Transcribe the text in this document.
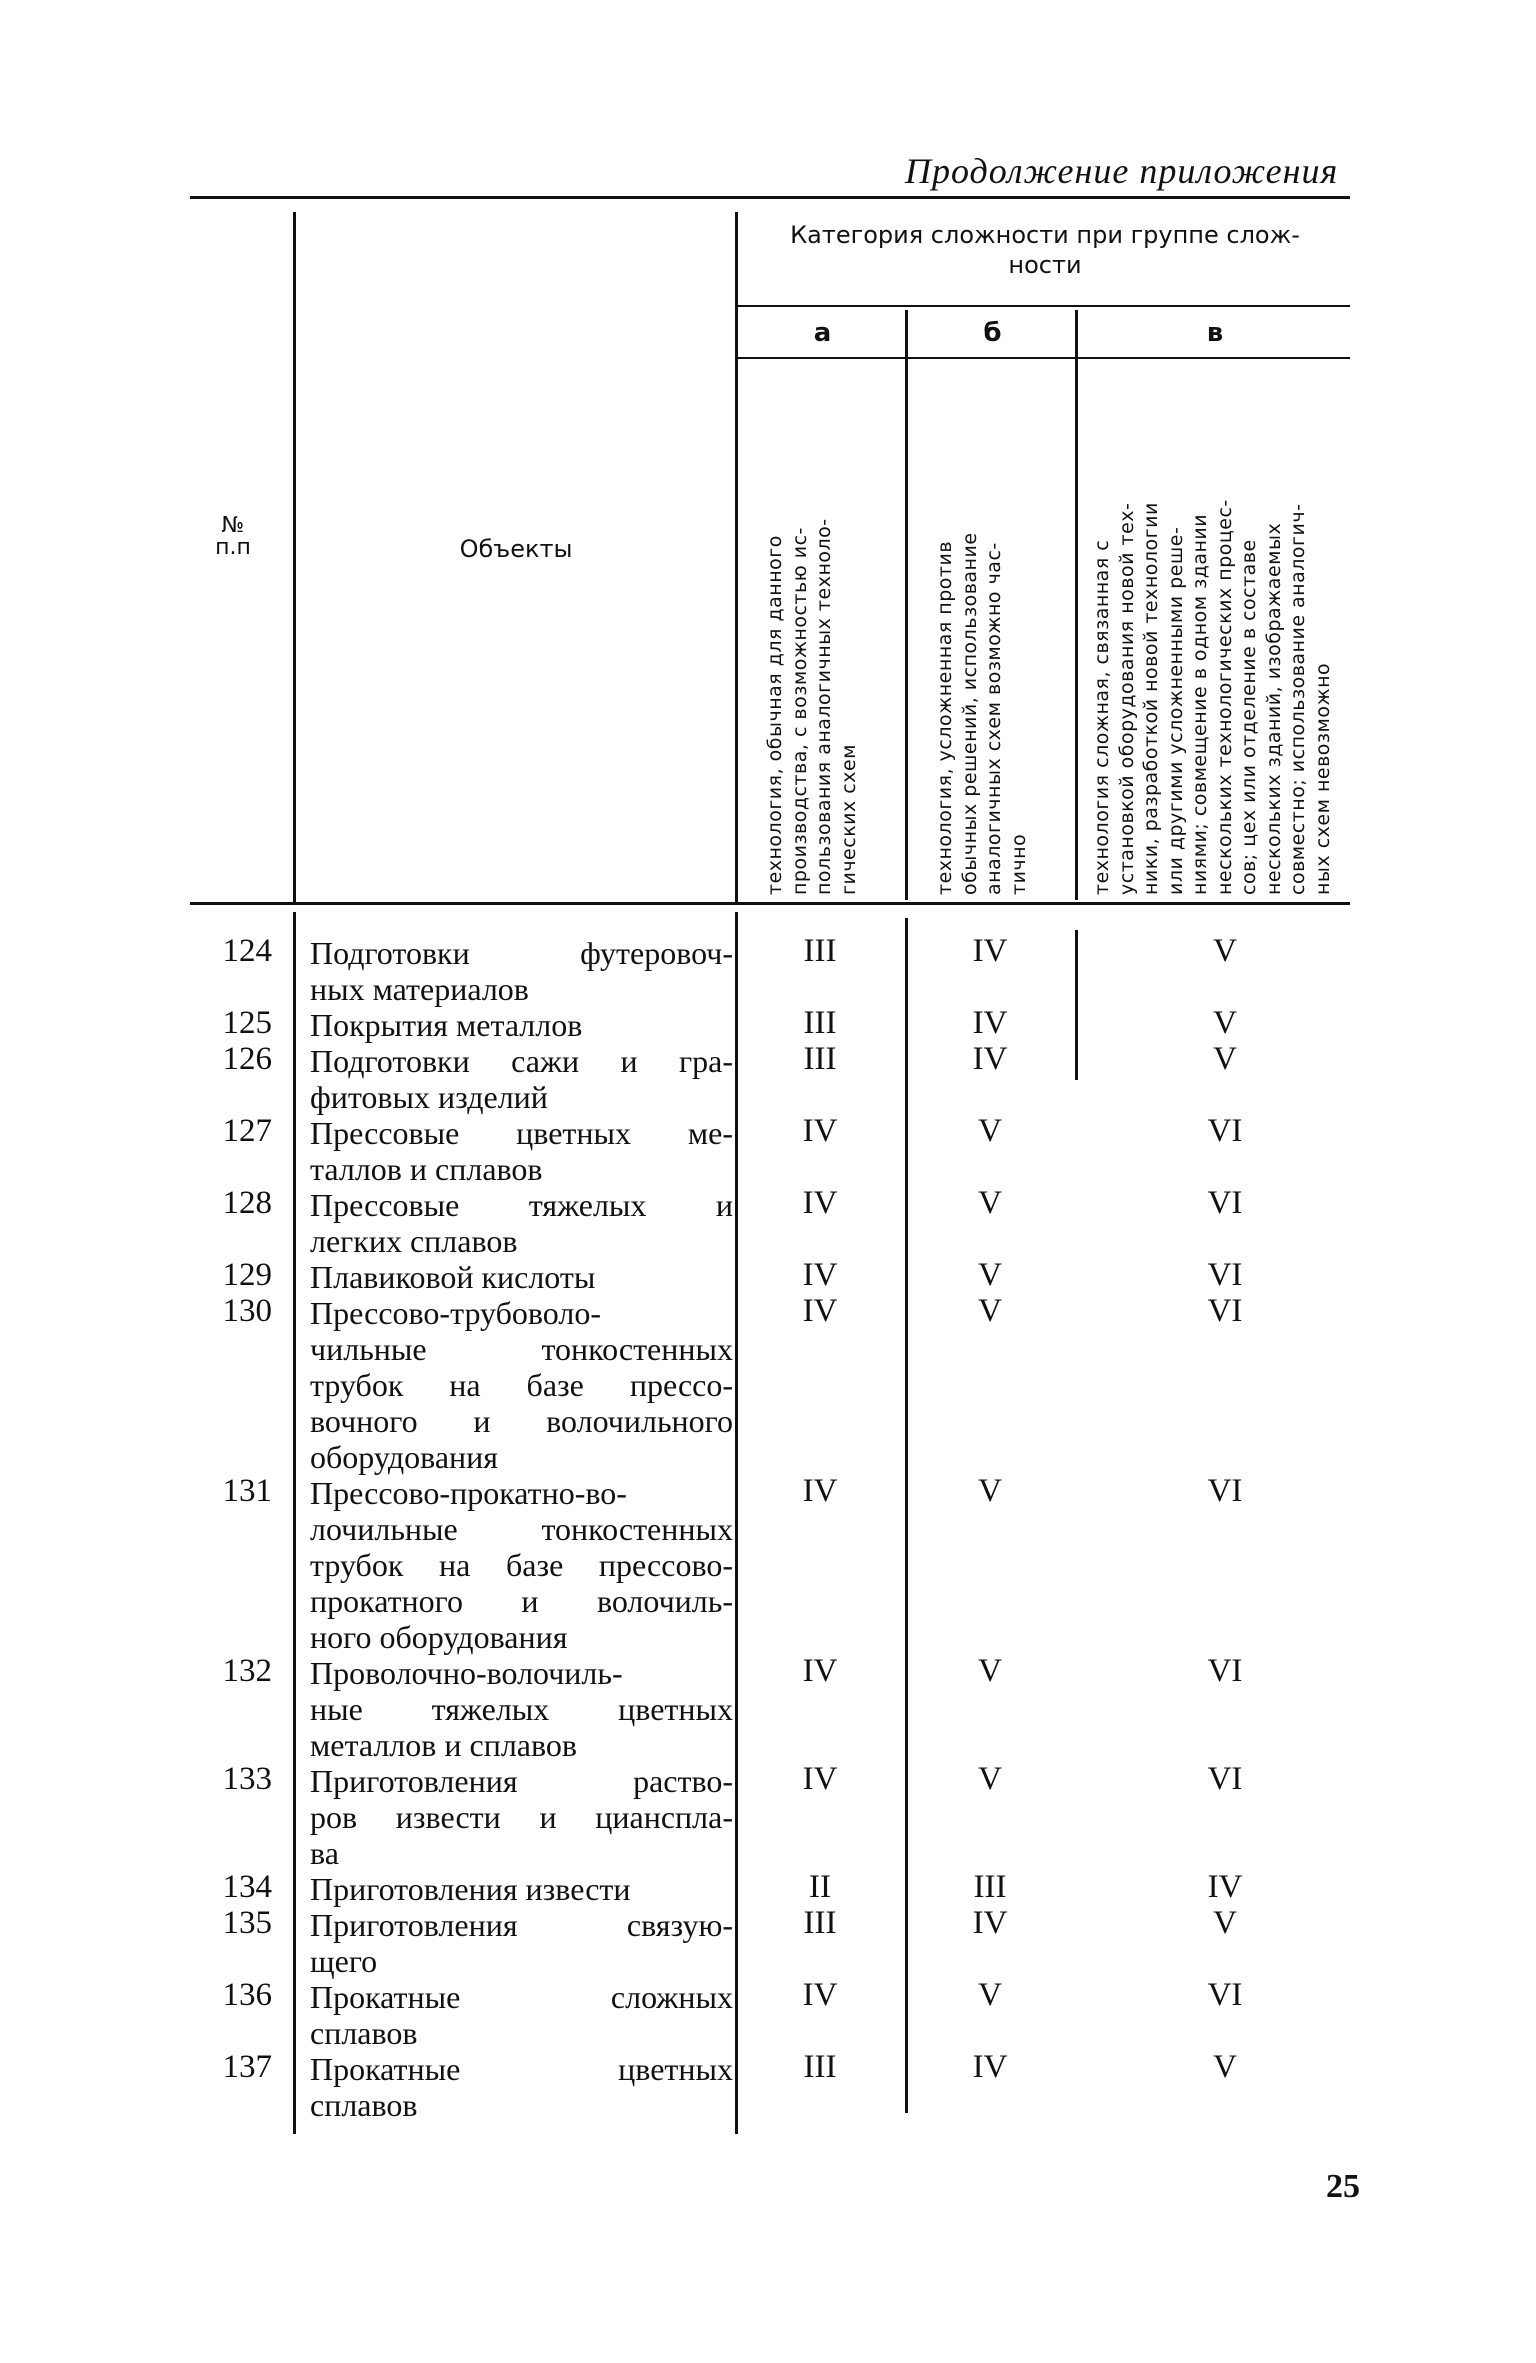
Продолжение приложения
№
п.п	Объекты
Категория сложности при группе слож-
ности
а	б	в
технология, обычная для данного производства, с возможностью ис- пользования аналогичных техноло- гических схем	технология, усложненная против обычных решений, использование аналогичных схем возможно час- тично	технология сложная, связанная с установкой оборудования новой тех- ники, разработкой новой технологии или другими усложненными реше- ниями; совмещение в одном здании нескольких технологических процес- сов; цех или отделение в составе нескольких зданий, изображаемых совместно; использование аналогич- ных схем невозможно
124 Подготовки футеровоч-
ных материалов
III	IV	V
125 Покрытия металлов	III	IV	V
126 Подготовки сажи и гра-
фитовых изделий
III	IV	V
127 Прессовые цветных ме-
таллов и сплавов
IV	V	VI
128 Прессовые тяжелых и
легких сплавов
IV	V	VI
129 Плавиковой кислоты	IV	V	VI
130 Прессово-трубоволо-
чильные тонкостенных
трубок на базе прессо-
вочного и волочильного
оборудования
IV	V	VI
131 Прессово-прокатно-во-
лочильные тонкостенных
трубок на базе прессово-
прокатного и волочиль-
ного оборудования
IV	V	VI
132 Проволочно-волочиль-
ные тяжелых цветных
металлов и сплавов
IV	V	VI
133 Приготовления раство-
ров извести и цианспла-
ва
IV	V	VI
134 Приготовления извести	II	III	IV
135 Приготовления связую-
щего
III	IV	V
136 Прокатные сложных
сплавов
IV	V	VI
137 Прокатные цветных
сплавов
III	IV	V
25
